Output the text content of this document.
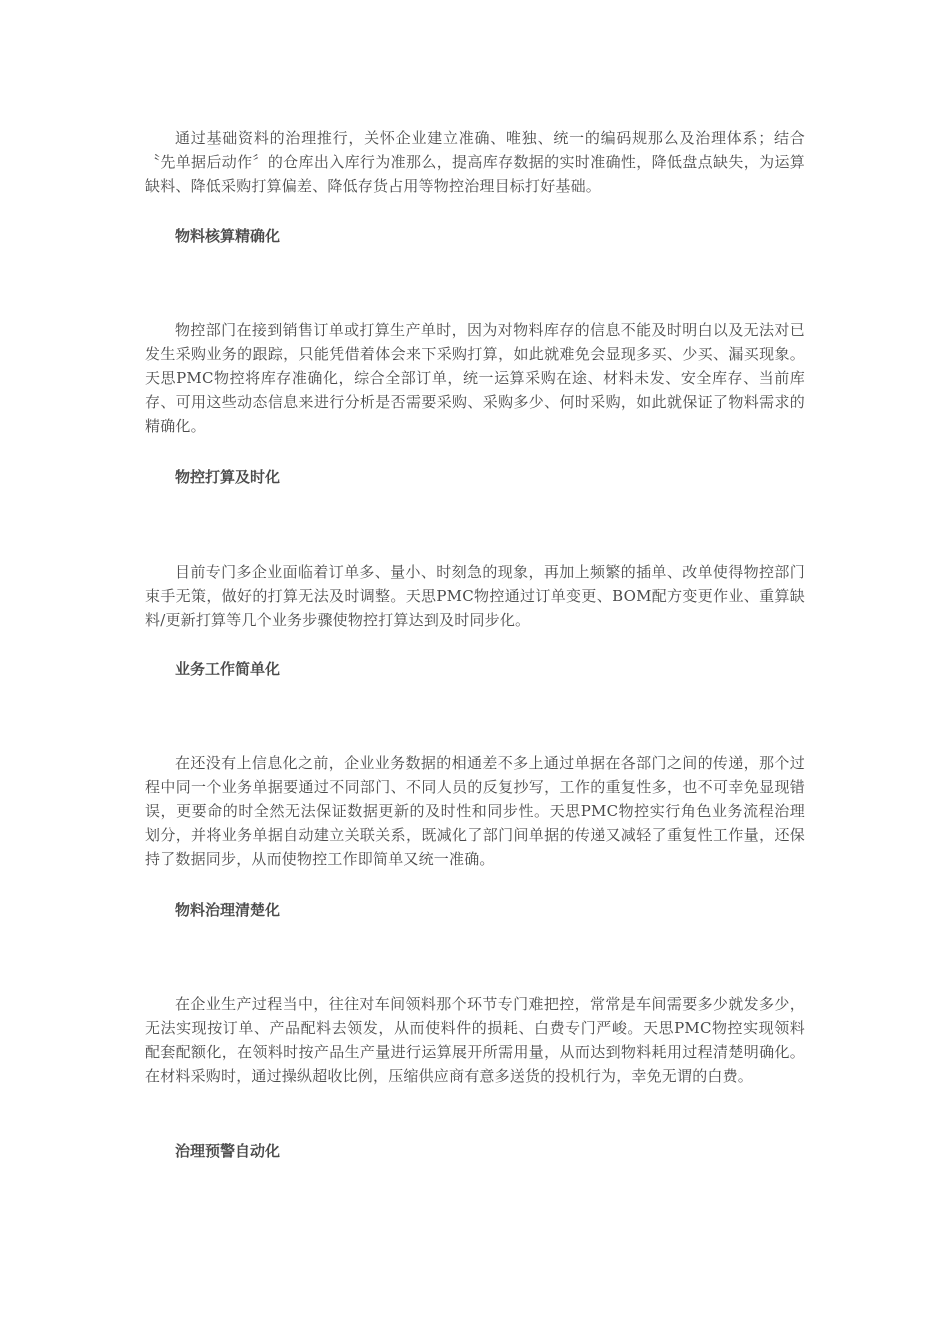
通过基础资料的治理推行，关怀企业建立准确、唯独、统一的编码规那么及治理体系；结合〝先单据后动作〞的仓库出入库行为准那么，提高库存数据的实时准确性，降低盘点缺失，为运算缺料、降低采购打算偏差、降低存货占用等物控治理目标打好基础。

物料核算精确化

物控部门在接到销售订单或打算生产单时，因为对物料库存的信息不能及时明白以及无法对已发生采购业务的跟踪，只能凭借着体会来下采购打算，如此就难免会显现多买、少买、漏买现象。天思PMC物控将库存准确化，综合全部订单，统一运算采购在途、材料未发、安全库存、当前库存、可用这些动态信息来进行分析是否需要采购、采购多少、何时采购，如此就保证了物料需求的精确化。

物控打算及时化

目前专门多企业面临着订单多、量小、时刻急的现象，再加上频繁的插单、改单使得物控部门束手无策，做好的打算无法及时调整。天思PMC物控通过订单变更、BOM配方变更作业、重算缺料/更新打算等几个业务步骤使物控打算达到及时同步化。

业务工作简单化

在还没有上信息化之前，企业业务数据的相通差不多上通过单据在各部门之间的传递，那个过程中同一个业务单据要通过不同部门、不同人员的反复抄写，工作的重复性多，也不可幸免显现错误，更要命的时全然无法保证数据更新的及时性和同步性。天思PMC物控实行角色业务流程治理划分，并将业务单据自动建立关联关系，既减化了部门间单据的传递又减轻了重复性工作量，还保持了数据同步，从而使物控工作即简单又统一准确。

物料治理清楚化

在企业生产过程当中，往往对车间领料那个环节专门难把控，常常是车间需要多少就发多少，无法实现按订单、产品配料去领发，从而使料件的损耗、白费专门严峻。天思PMC物控实现领料配套配额化，在领料时按产品生产量进行运算展开所需用量，从而达到物料耗用过程清楚明确化。在材料采购时，通过操纵超收比例，压缩供应商有意多送货的投机行为，幸免无谓的白费。

治理预警自动化
